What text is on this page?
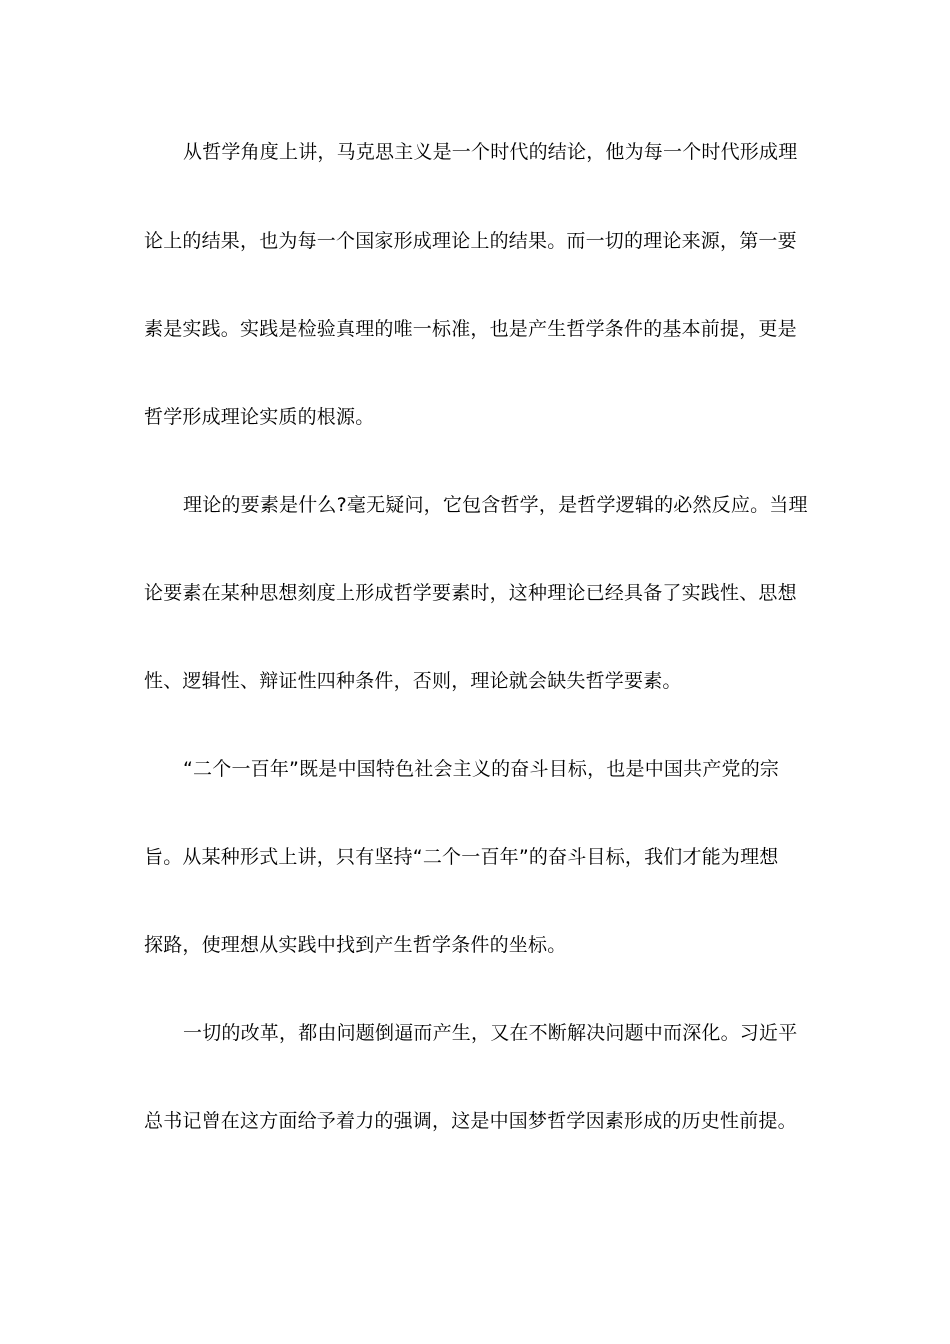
从哲学角度上讲，马克思主义是一个时代的结论，他为每一个时代形成理
论上的结果，也为每一个国家形成理论上的结果。而一切的理论来源，第一要
素是实践。实践是检验真理的唯一标准，也是产生哲学条件的基本前提，更是
哲学形成理论实质的根源。
理论的要素是什么?毫无疑问，它包含哲学，是哲学逻辑的必然反应。当理
论要素在某种思想刻度上形成哲学要素时，这种理论已经具备了实践性、思想
性、逻辑性、辩证性四种条件，否则，理论就会缺失哲学要素。
“二个一百年”既是中国特色社会主义的奋斗目标，也是中国共产党的宗
旨。从某种形式上讲，只有坚持“二个一百年”的奋斗目标，我们才能为理想
探路，使理想从实践中找到产生哲学条件的坐标。
一切的改革，都由问题倒逼而产生，又在不断解决问题中而深化。习近平
总书记曾在这方面给予着力的强调，这是中国梦哲学因素形成的历史性前提。
